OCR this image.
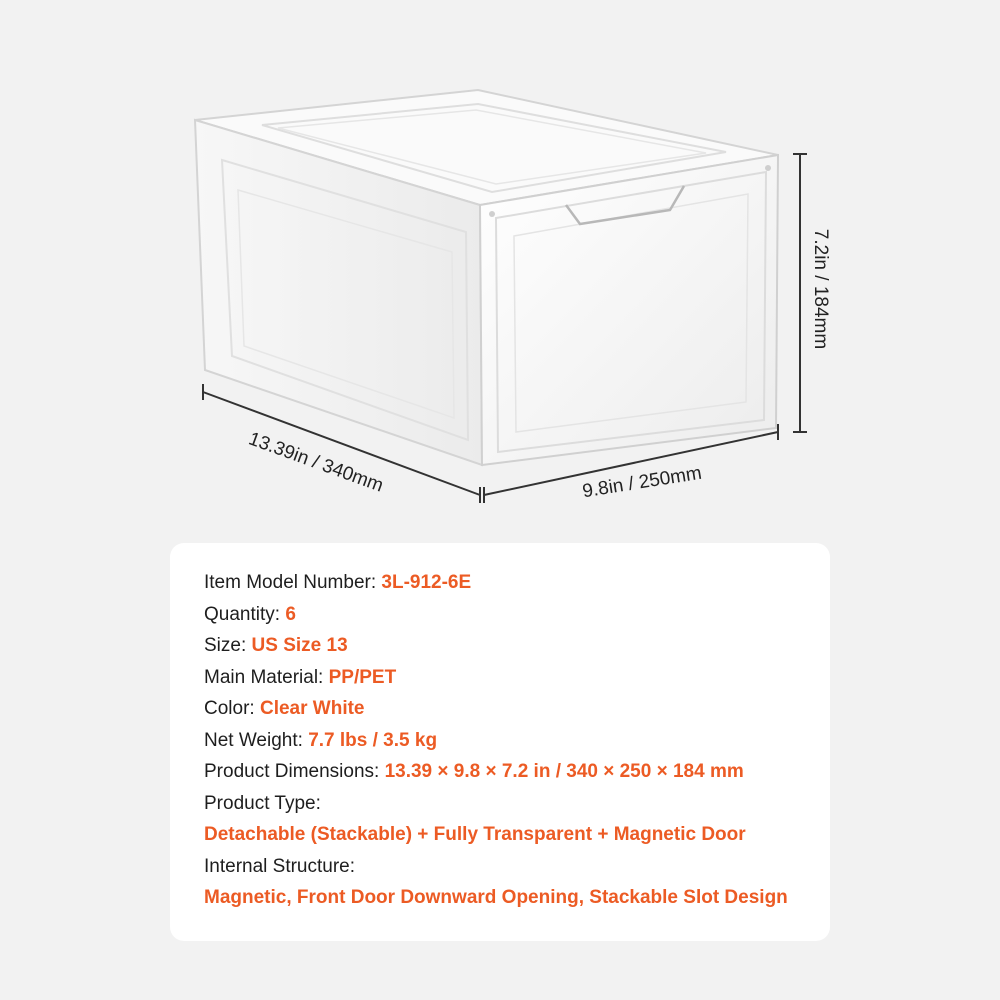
13.39in / 340mm	9.8in / 250mm
7.2in / 184mm
Item Model Number: 3L-912-6E
Quantity: 6
Size: US Size 13
Main Material: PP/PET
Color: Clear White
Net Weight: 7.7 lbs / 3.5 kg
Product Dimensions: 13.39 × 9.8 × 7.2 in / 340 × 250 × 184 mm
Product Type:
Detachable (Stackable) + Fully Transparent + Magnetic Door
Internal Structure:
Magnetic, Front Door Downward Opening, Stackable Slot Design
